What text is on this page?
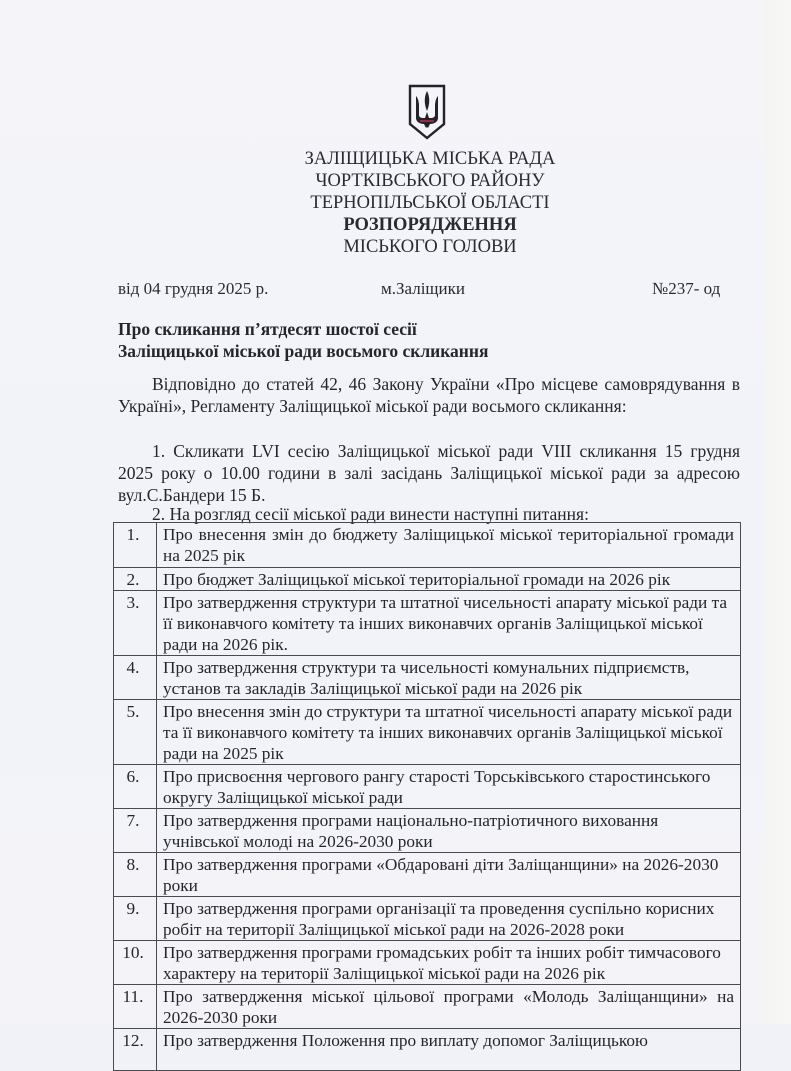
ЗАЛІЩИЦЬКА МІСЬКА РАДА
ЧОРТКІВСЬКОГО РАЙОНУ
ТЕРНОПІЛЬСЬКОЇ ОБЛАСТІ
РОЗПОРЯДЖЕННЯ
МІСЬКОГО ГОЛОВИ
від 04 грудня 2025 р.	м.Заліщики	№237- од
Про скликання п’ятдесят шостої сесії
Заліщицької міської ради восьмого скликання
Відповідно до статей 42, 46 Закону України «Про місцеве самоврядування в Україні», Регламенту Заліщицької міської ради восьмого скликання:
1. Скликати LVI сесію Заліщицької міської ради VIII скликання 15 грудня 2025 року о 10.00 години в залі засідань Заліщицької міської ради за адресою вул.С.Бандери 15 Б.
2. На розгляд сесії міської ради винести наступні питання:
1.	Про внесення змін до бюджету Заліщицької міської територіальної громади на 2025 рік
2.	Про бюджет Заліщицької міської територіальної громади на 2026 рік
3.	Про затвердження структури та штатної чисельності апарату міської ради та її виконавчого комітету та інших виконавчих органів Заліщицької міської ради на 2026 рік.
4.	Про затвердження структури та чисельності комунальних підприємств, установ та закладів Заліщицької міської ради на 2026 рік
5.	Про внесення змін до структури та штатної чисельності апарату міської ради та її виконавчого комітету та інших виконавчих органів Заліщицької міської ради на 2025 рік
6.	Про присвоєння чергового рангу старості Торськівського старостинського округу Заліщицької міської ради
7.	Про затвердження програми національно-патріотичного виховання учнівської молоді на 2026-2030 роки
8.	Про затвердження програми «Обдаровані діти Заліщанщини» на 2026-2030 роки
9.	Про затвердження програми організації та проведення суспільно корисних робіт на території Заліщицької міської ради на 2026-2028 роки
10.	Про затвердження програми громадських робіт та інших робіт тимчасового характеру на території Заліщицької міської ради на 2026 рік
11.	Про затвердження міської цільової програми «Молодь Заліщанщини» на 2026-2030 роки
12.	Про затвердження Положення про виплату допомог Заліщицькою
